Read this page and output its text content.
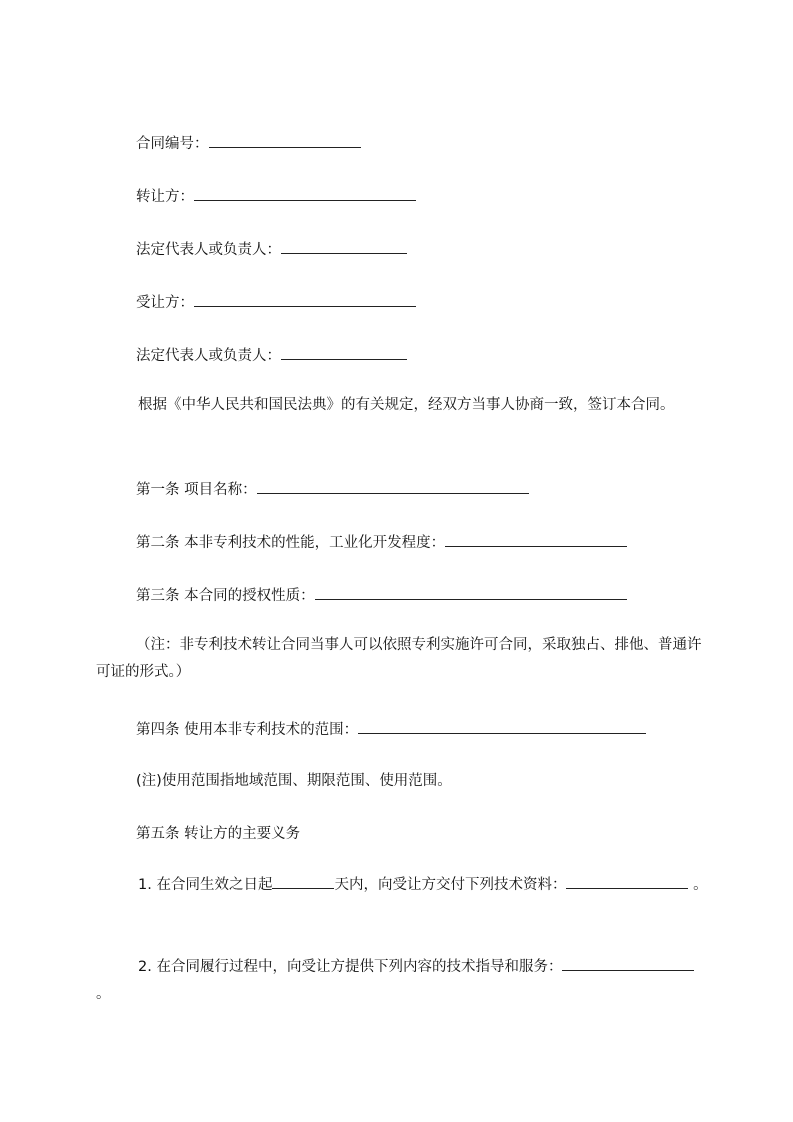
合同编号：
转让方：
法定代表人或负责人：
受让方：
法定代表人或负责人：
根据《中华人民共和国民法典》的有关规定，经双方当事人协商一致，签订本合同。
第一条 项目名称：
第二条 本非专利技术的性能，工业化开发程度：
第三条 本合同的授权性质：
（注：非专利技术转让合同当事人可以依照专利实施许可合同，采取独占、排他、普通许可证的形式。）
第四条 使用本非专利技术的范围：
(注)使用范围指地域范围、期限范围、使用范围。
第五条 转让方的主要义务
1. 在合同生效之日起	天内，向受让方交付下列技术资料：	。
2. 在合同履行过程中，向受让方提供下列内容的技术指导和服务： 。
